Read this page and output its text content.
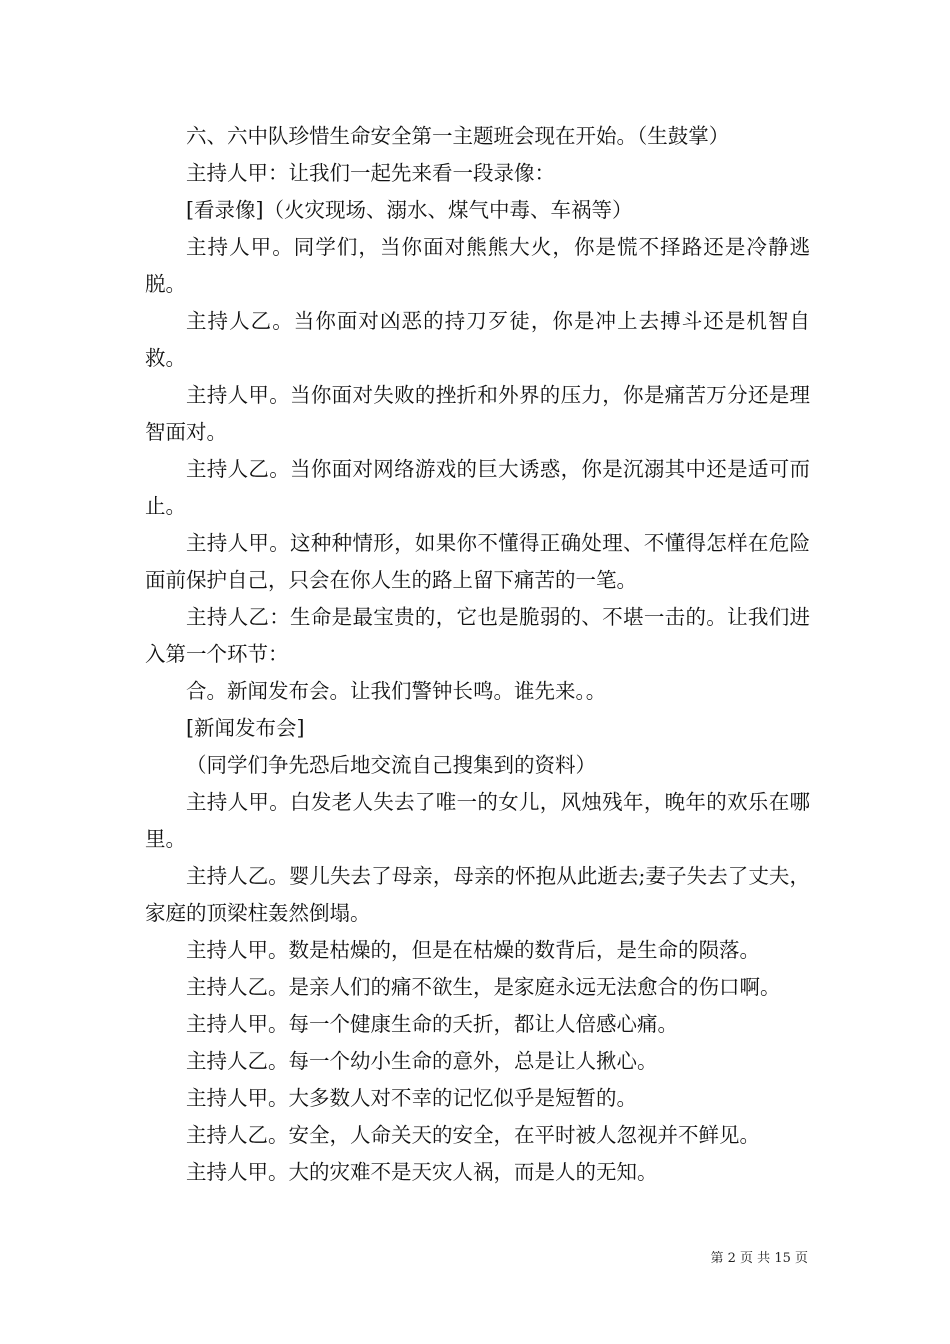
六、六中队珍惜生命安全第一主题班会现在开始。（生鼓掌）

主持人甲：让我们一起先来看一段录像：

[看录像]（火灾现场、溺水、煤气中毒、车祸等）

主持人甲。同学们，当你面对熊熊大火，你是慌不择路还是冷静逃脱。

主持人乙。当你面对凶恶的持刀歹徒，你是冲上去搏斗还是机智自救。

主持人甲。当你面对失败的挫折和外界的压力，你是痛苦万分还是理智面对。

主持人乙。当你面对网络游戏的巨大诱惑，你是沉溺其中还是适可而止。

主持人甲。这种种情形，如果你不懂得正确处理、不懂得怎样在危险面前保护自己，只会在你人生的路上留下痛苦的一笔。

主持人乙：生命是最宝贵的，它也是脆弱的、不堪一击的。让我们进入第一个环节：

合。新闻发布会。让我们警钟长鸣。谁先来。。

[新闻发布会]

（同学们争先恐后地交流自己搜集到的资料）

主持人甲。白发老人失去了唯一的女儿，风烛残年，晚年的欢乐在哪里。

主持人乙。婴儿失去了母亲，母亲的怀抱从此逝去;妻子失去了丈夫，家庭的顶梁柱轰然倒塌。

主持人甲。数是枯燥的，但是在枯燥的数背后，是生命的陨落。

主持人乙。是亲人们的痛不欲生，是家庭永远无法愈合的伤口啊。

主持人甲。每一个健康生命的夭折，都让人倍感心痛。

主持人乙。每一个幼小生命的意外，总是让人揪心。

主持人甲。大多数人对不幸的记忆似乎是短暂的。

主持人乙。安全，人命关天的安全，在平时被人忽视并不鲜见。

主持人甲。大的灾难不是天灾人祸，而是人的无知。

第 2 页 共 15 页
